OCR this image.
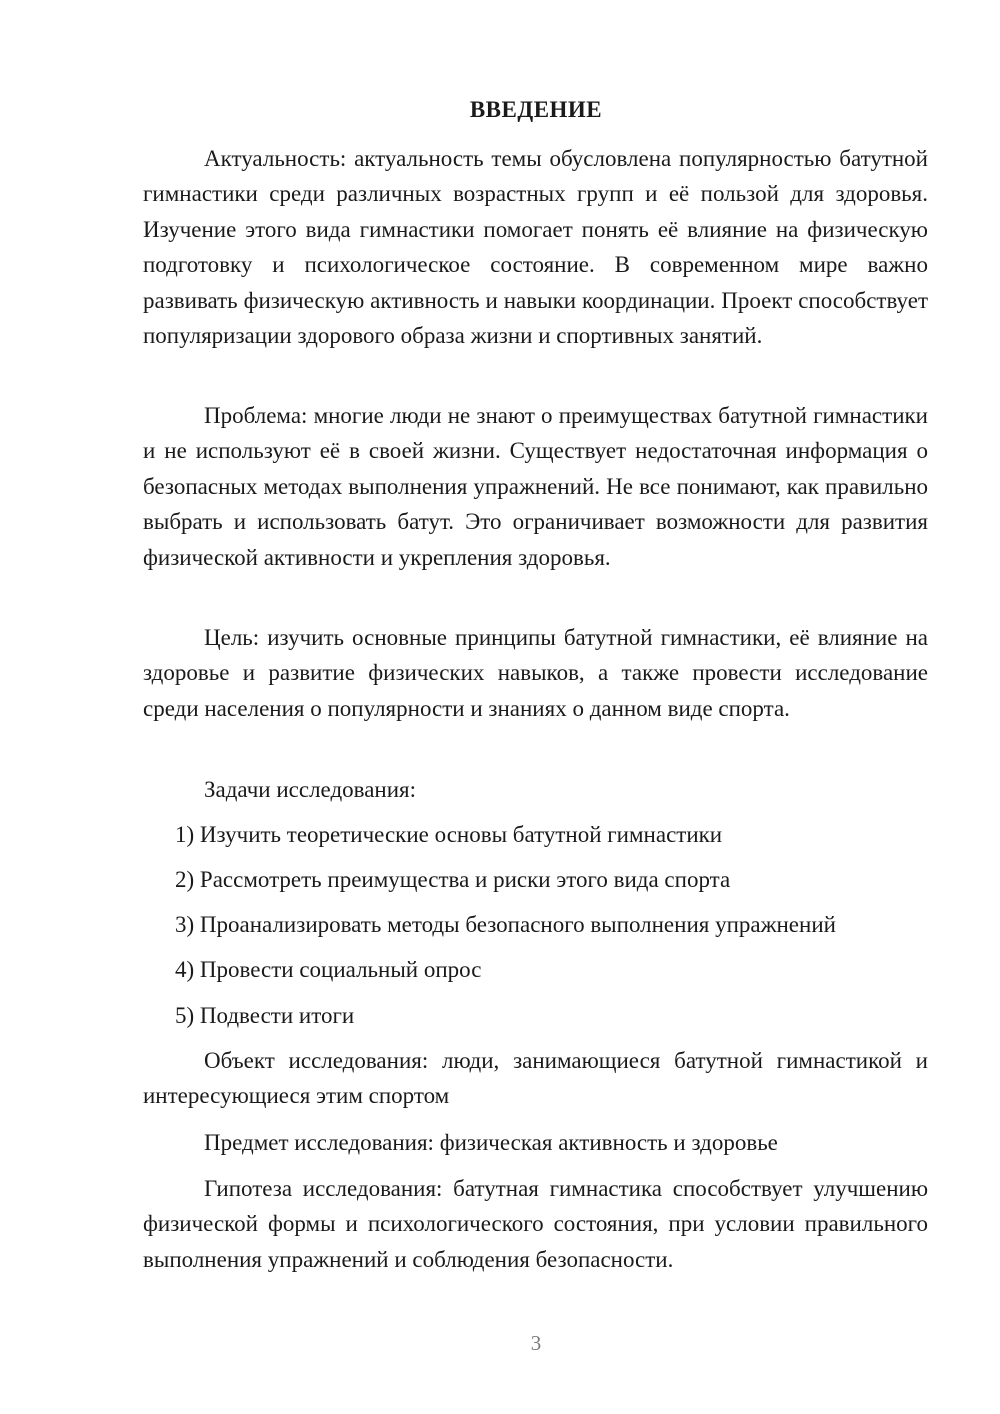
ВВЕДЕНИЕ
Актуальность: актуальность темы обусловлена популярностью батутной гимнастики среди различных возрастных групп и её пользой для здоровья. Изучение этого вида гимнастики помогает понять её влияние на физическую подготовку и психологическое состояние. В современном мире важно развивать физическую активность и навыки координации. Проект способствует популяризации здорового образа жизни и спортивных занятий.
Проблема: многие люди не знают о преимуществах батутной гимнастики и не используют её в своей жизни. Существует недостаточная информация о безопасных методах выполнения упражнений. Не все понимают, как правильно выбрать и использовать батут. Это ограничивает возможности для развития физической активности и укрепления здоровья.
Цель: изучить основные принципы батутной гимнастики, её влияние на здоровье и развитие физических навыков, а также провести исследование среди населения о популярности и знаниях о данном виде спорта.
Задачи исследования:
1) Изучить теоретические основы батутной гимнастики
2) Рассмотреть преимущества и риски этого вида спорта
3) Проанализировать методы безопасного выполнения упражнений
4) Провести социальный опрос
5) Подвести итоги
Объект исследования: люди, занимающиеся батутной гимнастикой и интересующиеся этим спортом
Предмет исследования: физическая активность и здоровье
Гипотеза исследования: батутная гимнастика способствует улучшению физической формы и психологического состояния, при условии правильного выполнения упражнений и соблюдения безопасности.
3
